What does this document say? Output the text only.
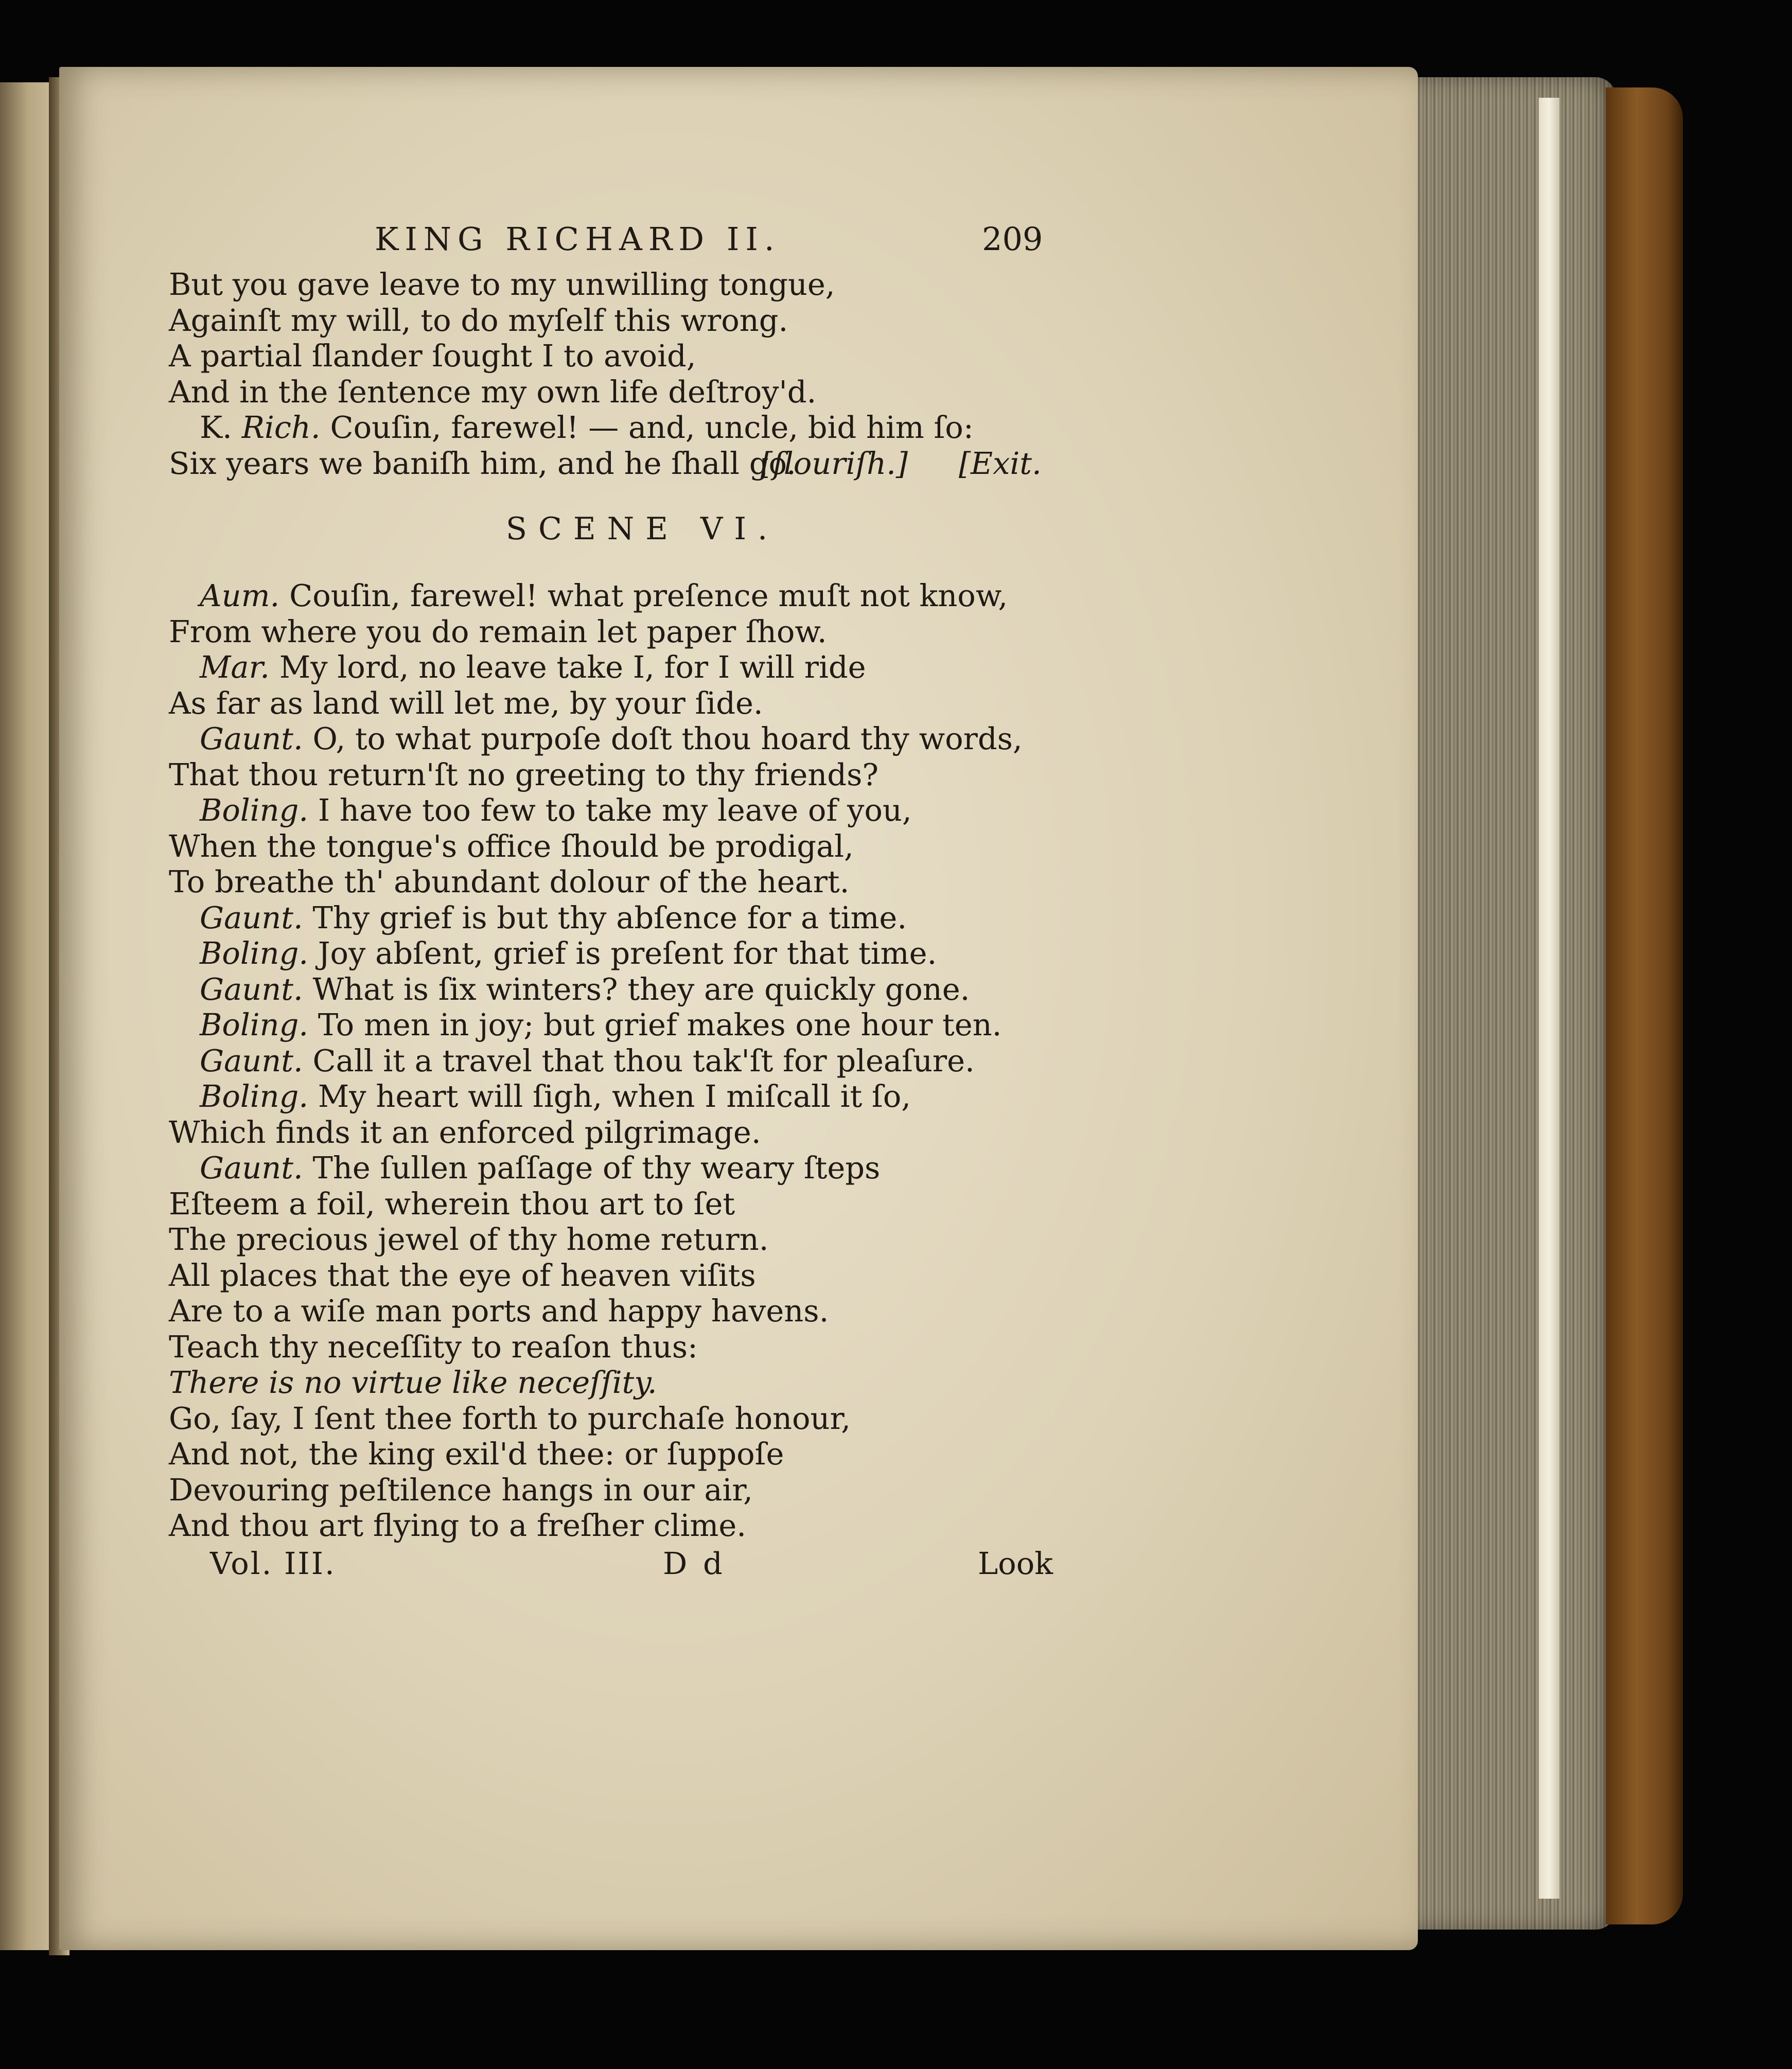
KING RICHARD II.	209
But you gave leave to my unwilling tongue,
Againſt my will, to do myſelf this wrong.
A partial ſlander ſought I to avoid,
And in the ſentence my own life deſtroy'd.
K. Rich. Couſin, farewel! — and, uncle, bid him ſo:
Six years we baniſh him, and he ſhall go.
[ſlouriſh.] [Exit.
SCENE VI.
Aum. Couſin, farewel! what preſence muſt not know,
From where you do remain let paper ſhow.
Mar. My lord, no leave take I, for I will ride
As far as land will let me, by your ſide.
Gaunt. O, to what purpoſe doſt thou hoard thy words,
That thou return'ſt no greeting to thy friends?
Boling. I have too few to take my leave of you,
When the tongue's office ſhould be prodigal,
To breathe th' abundant dolour of the heart.
Gaunt. Thy grief is but thy abſence for a time.
Boling. Joy abſent, grief is preſent for that time.
Gaunt. What is ſix winters? they are quickly gone.
Boling. To men in joy; but grief makes one hour ten.
Gaunt. Call it a travel that thou tak'ſt for pleaſure.
Boling. My heart will ſigh, when I miſcall it ſo,
Which finds it an enforced pilgrimage.
Gaunt. The ſullen paſſage of thy weary ſteps
Eſteem a foil, wherein thou art to ſet
The precious jewel of thy home return.
All places that the eye of heaven viſits
Are to a wiſe man ports and happy havens.
Teach thy neceſſity to reaſon thus:
There is no virtue like neceſſity.
Go, ſay, I ſent thee forth to purchaſe honour,
And not, the king exil'd thee: or ſuppoſe
Devouring peſtilence hangs in our air,
And thou art flying to a freſher clime.
Vol. III.	D d	Look
